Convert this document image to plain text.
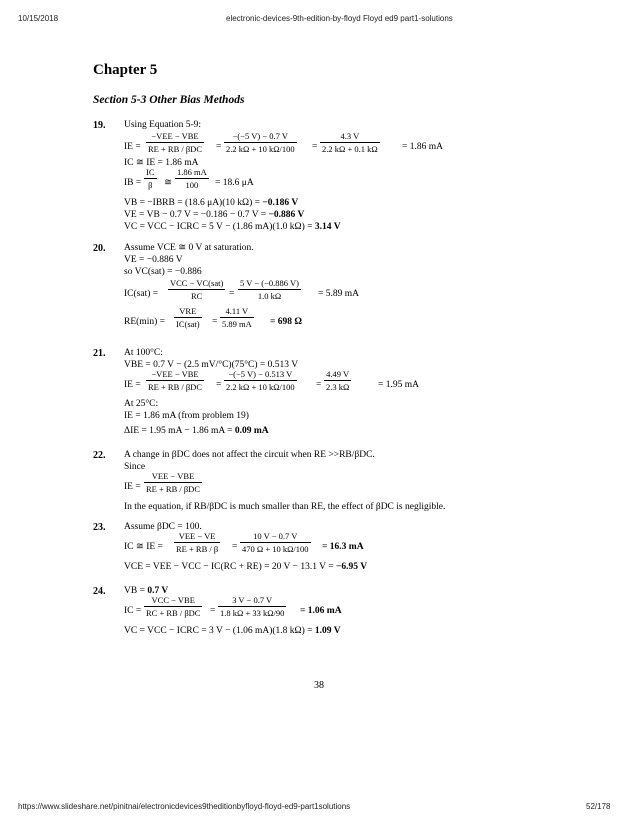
10/15/2018	electronic-devices-9th-edition-by-floyd Floyd ed9 part1-solutions
https://www.slideshare.net/pinitnai/electronicdevices9theditionbyfloyd-floyd-ed9-part1solutions	52/178
Chapter 5
Section 5-3 Other Bias Methods
19. Using Equation 5-9:
IE =
−VEE − VBE
RE + RB / $\beta DC = \frac{-(-5 V) - 0.7 V}{2.2 k\Omega + 10 k\Omega/100} = \frac{4.3 V}{2.2 k\Omega + 0.1 k\Omega} = 1.86$ mA
IC ≅ IE = 1.86 mA
IB = $\frac{IC}{\beta}$ ≅ $\frac{1.86 mA}{100} = 18.6$ μA
VB = −IBRB = (18.6 μA)(10 kΩ) = −0.186 V
VE = VB − 0.7 V = −0.186 − 0.7 V = −0.886 V
VC = VCC − ICRC = 5 V − (1.86 mA)(1.0 kΩ) = 3.14 V
20. Assume VCE ≅ 0 V at saturation.
VE = −0.886 V
so VC(sat) = −0.886
IC(sat) =
VCC − VC(sat)
RC	= $\frac{5 V - (-0.886 V)}{1.0 k\Omega} = 5.89$ mA
RE(min) =
VRE
$IC(sat) = \frac{4.11 V}{5.89 mA} = 698$ Ω
21. At 100°C:
VBE = 0.7 V − (2.5 mV/°C)(75°C) = 0.513 V
IE =
−VEE − VBE
RE + RB / $\beta DC = \frac{-(-5 V) - 0.513 V}{2.2 k\Omega + 10 k\Omega/100} = \frac{4.49 V}{2.3 k\Omega}$	= 1.95 mA
At 25°C:
IE = 1.86 mA (from problem 19)
ΔIE = 1.95 mA − 1.86 mA = 0.09 mA
22. A change in βDC does not affect the circuit when RE >>RB/βDC.
Since
IE =
VEE − VBE
RE + RB / βDC
In the equation, if RB/βDC is much smaller than RE, the effect of βDC is negligible.
23. Assume βDC = 100.
IC ≅ IE =
VEE − VE
RE + RB / $\beta = \frac{10 V - 0.7 V}{470 \Omega + 10 k\Omega/100} = 16.3$ mA
VCE = VEE − VCC − IC(RC + RE) = 20 V − 13.1 V = −6.95 V
24. VB = 0.7 V
IC =
VCC − VBE
RC + RB / $\beta DC = \frac{3 V - 0.7 V}{1.8 k\Omega + 33 k\Omega/90} = 1.06$ mA
VC = VCC − ICRC = 3 V − (1.06 mA)(1.8 kΩ) = 1.09 V
38
